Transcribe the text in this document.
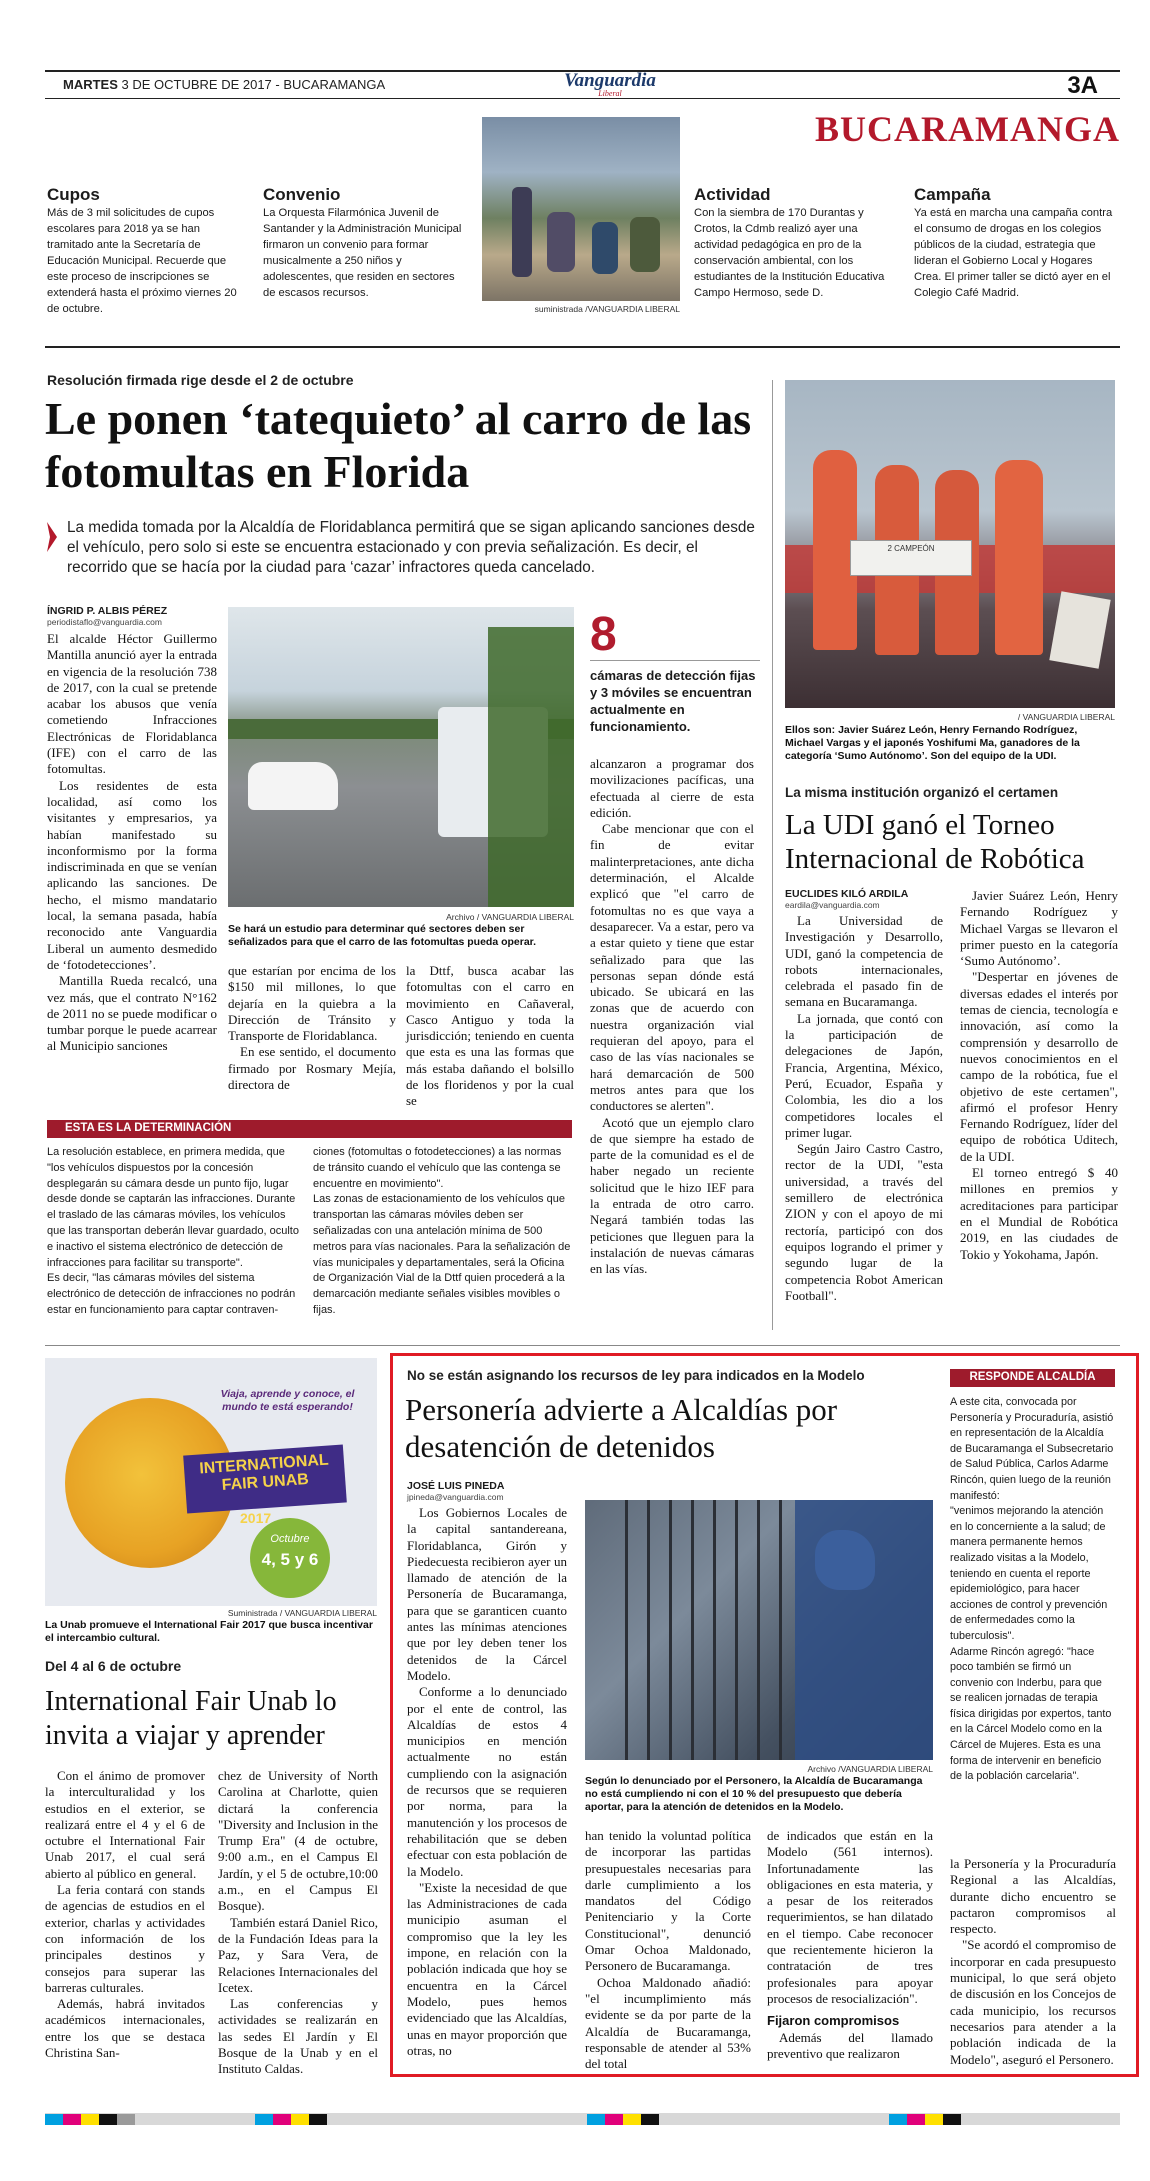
MARTES 3 DE OCTUBRE DE 2017 - BUCARAMANGA	Vanguardia
Liberal	3A
BUCARAMANGA
Cupos
Más de 3 mil solicitudes de cupos escolares para 2018 ya se han tramitado ante la Secretaría de Educación Municipal. Recuerde que este proceso de inscripciones se extenderá hasta el próximo viernes 20 de octubre.
Convenio
La Orquesta Filarmónica Juvenil de Santander y la Administración Municipal firmaron un convenio para formar musicalmente a 250 niños y adolescentes, que residen en sectores de escasos recursos.
suministrada /VANGUARDIA LIBERAL
Actividad
Con la siembra de 170 Durantas y Crotos, la Cdmb realizó ayer una actividad pedagógica en pro de la conservación ambiental, con los estudiantes de la Institución Educativa Campo Hermoso, sede D.
Campaña
Ya está en marcha una campaña contra el consumo de drogas en los colegios públicos de la ciudad, estrategia que lideran el Gobierno Local y Hogares Crea. El primer taller se dictó ayer en el Colegio Café Madrid.
Resolución firmada rige desde el 2 de octubre
Le ponen ‘tatequieto’ al carro de las fotomultas en Florida
La medida tomada por la Alcaldía de Floridablanca permitirá que se sigan aplicando sanciones desde el vehículo, pero solo si este se encuentra estacionado y con previa señalización. Es decir, el recorrido que se hacía por la ciudad para ‘cazar’ infractores queda cancelado.
ÍNGRID P. ALBIS PÉREZ
periodistaflo@vanguardia.com

El alcalde Héctor Guillermo Mantilla anunció ayer la entrada en vigencia de la resolución 738 de 2017, con la cual se pretende acabar los abusos que venía cometiendo Infracciones Electrónicas de Floridablanca (IFE) con el carro de las fotomultas.

Los residentes de esta localidad, así como los visitantes y empresarios, ya habían manifestado su inconformismo por la forma indiscriminada en que se venían aplicando las sanciones. De hecho, el mismo mandatario local, la semana pasada, había reconocido ante Vanguardia Liberal un aumento desmedido de ‘fotodetecciones’.

Mantilla Rueda recalcó, una vez más, que el contrato N°162 de 2011 no se puede modificar o tumbar porque le puede acarrear al Municipio sanciones

Archivo / VANGUARDIA LIBERAL
Se hará un estudio para determinar qué sectores deben ser señalizados para que el carro de las fotomultas pueda operar.

que estarían por encima de los $150 mil millones, lo que dejaría en la quiebra a la Dirección de Tránsito y Transporte de Floridablanca.

En ese sentido, el documento firmado por Rosmary Mejía, directora de

la Dttf, busca acabar las fotomultas con el carro en movimiento en Cañaveral, Casco Antiguo y toda la jurisdicción; teniendo en cuenta que esta es una las formas que más estaba dañando el bolsillo de los floridenos y por la cual se

8
cámaras de detección fijas y 3 móviles se encuentran actualmente en funcionamiento.

alcanzaron a programar dos movilizaciones pacíficas, una efectuada al cierre de esta edición.

Cabe mencionar que con el fin de evitar malinterpretaciones, ante dicha determinación, el Alcalde explicó que "el carro de fotomultas no es que vaya a desaparecer. Va a estar, pero va a estar quieto y tiene que estar señalizado para que las personas sepan dónde está ubicado. Se ubicará en las zonas que de acuerdo con nuestra organización vial requieran del apoyo, para el caso de las vías nacionales se hará demarcación de 500 metros antes para que los conductores se alerten".

Acotó que un ejemplo claro de que siempre ha estado de parte de la comunidad es el de haber negado un reciente solicitud que le hizo IEF para la entrada de otro carro. Negará también todas las peticiones que lleguen para la instalación de nuevas cámaras en las vías.

ESTA ES LA DETERMINACIÓN

La resolución establece, en primera medida, que "los vehículos dispuestos por la concesión desplegarán su cámara desde un punto fijo, lugar desde donde se captarán las infracciones. Durante el traslado de las cámaras móviles, los vehículos que las transportan deberán llevar guardado, oculto e inactivo el sistema electrónico de detección de infracciones para facilitar su transporte".

Es decir, "las cámaras móviles del sistema electrónico de detección de infracciones no podrán estar en funcionamiento para captar contraven-

ciones (fotomultas o fotodetecciones) a las normas de tránsito cuando el vehículo que las contenga se encuentre en movimiento".

Las zonas de estacionamiento de los vehículos que transportan las cámaras móviles deben ser señalizadas con una antelación mínima de 500 metros para vías nacionales. Para la señalización de vías municipales y departamentales, será la Oficina de Organización Vial de la Dttf quien procederá a la demarcación mediante señales visibles movibles o fijas.

2 CAMPEÓN
/ VANGUARDIA LIBERAL
Ellos son: Javier Suárez León, Henry Fernando Rodríguez, Michael Vargas y el japonés Yoshifumi Ma, ganadores de la categoría ‘Sumo Autónomo’. Son del equipo de la UDI.
La misma institución organizó el certamen
La UDI ganó el Torneo Internacional de Robótica
EUCLIDES KILÓ ARDILA
eardila@vanguardia.com

La Universidad de Investigación y Desarrollo, UDI, ganó la competencia de robots internacionales, celebrada el pasado fin de semana en Bucaramanga.

La jornada, que contó con la participación de delegaciones de Japón, Francia, Argentina, México, Perú, Ecuador, España y Colombia, les dio a los competidores locales el primer lugar.

Según Jairo Castro Castro, rector de la UDI, "esta universidad, a través del semillero de electrónica ZION y con el apoyo de mi rectoría, participó con dos equipos logrando el primer y segundo lugar de la competencia Robot American Football".

Javier Suárez León, Henry Fernando Rodríguez y Michael Vargas se llevaron el primer puesto en la categoría ‘Sumo Autónomo’.

"Despertar en jóvenes de diversas edades el interés por temas de ciencia, tecnología e innovación, así como la comprensión y desarrollo de nuevos conocimientos en el campo de la robótica, fue el objetivo de este certamen", afirmó el profesor Henry Fernando Rodríguez, líder del equipo de robótica Uditech, de la UDI.

El torneo entregó $ 40 millones en premios y acreditaciones para participar en el Mundial de Robótica 2019, en las ciudades de Tokio y Yokohama, Japón.

Viaja, aprende y conoce, el mundo te está esperando!
INTERNATIONAL
FAIR UNAB
2017
Octubre
4, 5 y 6
Suministrada / VANGUARDIA LIBERAL
La Unab promueve el International Fair 2017 que busca incentivar el intercambio cultural.
Del 4 al 6 de octubre
International Fair Unab lo invita a viajar y aprender

Con el ánimo de promover la interculturalidad y los estudios en el exterior, se realizará entre el 4 y el 6 de octubre el International Fair Unab 2017, el cual será abierto al público en general.

La feria contará con stands de agencias de estudios en el exterior, charlas y actividades con información de los principales destinos y consejos para superar las barreras culturales.

Además, habrá invitados académicos internacionales, entre los que se destaca Christina San-

chez de University of North Carolina at Charlotte, quien dictará la conferencia "Diversity and Inclusion in the Trump Era" (4 de octubre, 9:00 a.m., en el Campus El Jardín, y el 5 de octubre,10:00 a.m., en el Campus El Bosque).

También estará Daniel Rico, de la Fundación Ideas para la Paz, y Sara Vera, de Relaciones Internacionales del Icetex.

Las conferencias y actividades se realizarán en las sedes El Jardín y El Bosque de la Unab y en el Instituto Caldas.

No se están asignando los recursos de ley para indicados en la Modelo
Personería advierte a Alcaldías por desatención de detenidos
JOSÉ LUIS PINEDA
jpineda@vanguardia.com

Los Gobiernos Locales de la capital santandereana, Floridablanca, Girón y Piedecuesta recibieron ayer un llamado de atención de la Personería de Bucaramanga, para que se garanticen cuanto antes las mínimas atenciones que por ley deben tener los detenidos de la Cárcel Modelo.

Conforme a lo denunciado por el ente de control, las Alcaldías de estos 4 municipios en mención actualmente no están cumpliendo con la asignación de recursos que se requieren por norma, para la manutención y los procesos de rehabilitación que se deben efectuar con esta población de la Modelo.

"Existe la necesidad de que las Administraciones de cada municipio asuman el compromiso que la ley les impone, en relación con la población indicada que hoy se encuentra en la Cárcel Modelo, pues hemos evidenciado que las Alcaldías, unas en mayor proporción que otras, no

Archivo /VANGUARDIA LIBERAL
Según lo denunciado por el Personero, la Alcaldía de Bucaramanga no está cumpliendo ni con el 10 % del presupuesto que debería aportar, para la atención de detenidos en la Modelo.

han tenido la voluntad política de incorporar las partidas presupuestales necesarias para darle cumplimiento a los mandatos del Código Penitenciario y la Corte Constitucional", denunció Omar Ochoa Maldonado, Personero de Bucaramanga.

Ochoa Maldonado añadió: "el incumplimiento más evidente se da por parte de la Alcaldía de Bucaramanga, responsable de atender al 53% del total

de indicados que están en la Modelo (561 internos). Infortunadamente las obligaciones en esta materia, y a pesar de los reiterados requerimientos, se han dilatado en el tiempo. Cabe reconocer que recientemente hicieron la contratación de tres profesionales para apoyar procesos de resocialización".

Fijaron compromisos

Además del llamado preventivo que realizaron

RESPONDE ALCALDÍA

A este cita, convocada por Personería y Procuraduría, asistió en representación de la Alcaldía de Bucaramanga el Subsecretario de Salud Pública, Carlos Adarme Rincón, quien luego de la reunión manifestó:

"venimos mejorando la atención en lo concerniente a la salud; de manera permanente hemos realizado visitas a la Modelo, teniendo en cuenta el reporte epidemiológico, para hacer acciones de control y prevención de enfermedades como la tuberculosis".

Adarme Rincón agregó: "hace poco también se firmó un convenio con Inderbu, para que se realicen jornadas de terapia física dirigidas por expertos, tanto en la Cárcel Modelo como en la Cárcel de Mujeres. Esta es una forma de intervenir en beneficio de la población carcelaria".

la Personería y la Procuraduría Regional a las Alcaldías, durante dicho encuentro se pactaron compromisos al respecto.

"Se acordó el compromiso de incorporar en cada presupuesto municipal, lo que será objeto de discusión en los Concejos de cada municipio, los recursos necesarios para atender a la población indicada de la Modelo", aseguró el Personero.
